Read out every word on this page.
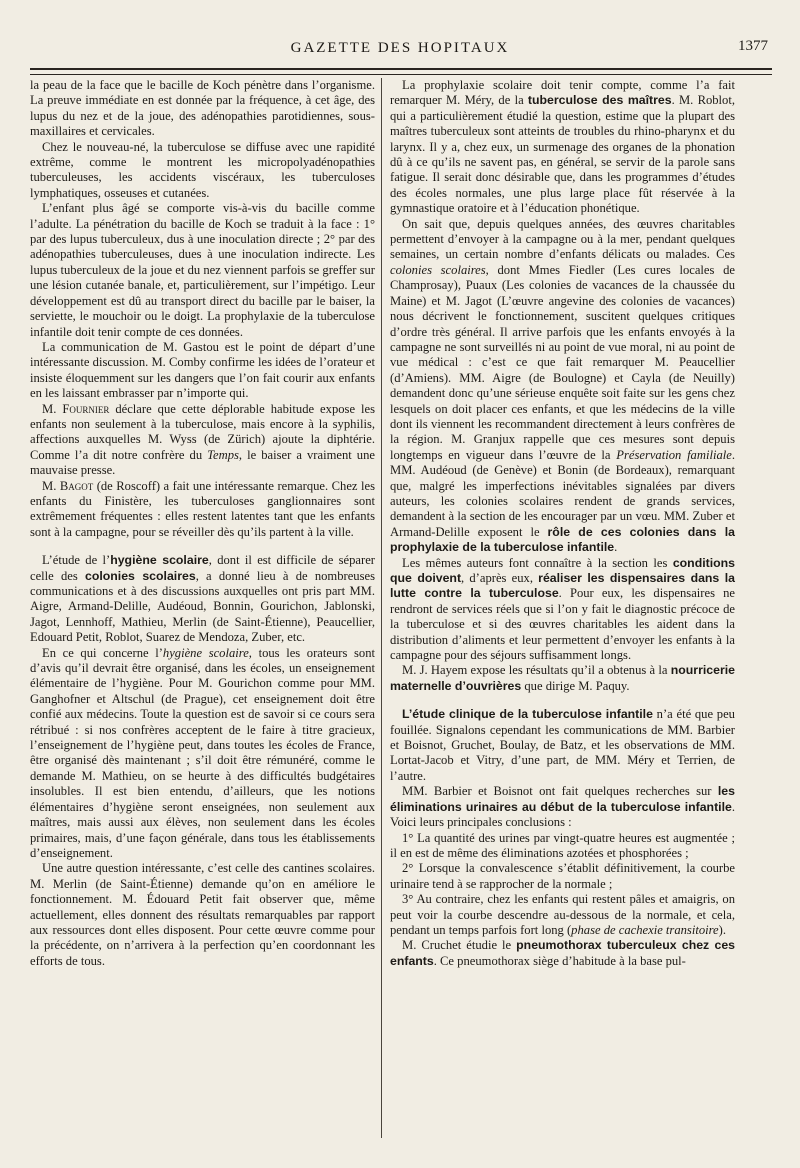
GAZETTE DES HOPITAUX	1377

la peau de la face que le bacille de Koch pénètre dans l’organisme. La preuve immédiate en est donnée par la fréquence, à cet âge, des lupus du nez et de la joue, des adénopathies parotidiennes, sous-maxillaires et cervicales.

Chez le nouveau-né, la tuberculose se diffuse avec une rapidité extrême, comme le montrent les micropolyadénopathies tuberculeuses, les accidents viscéraux, les tuberculoses lymphatiques, osseuses et cutanées.

L’enfant plus âgé se comporte vis-à-vis du bacille comme l’adulte. La pénétration du bacille de Koch se traduit à la face : 1° par des lupus tuberculeux, dus à une inoculation directe ; 2° par des adénopathies tuberculeuses, dues à une inoculation indirecte. Les lupus tuberculeux de la joue et du nez viennent parfois se greffer sur une lésion cutanée banale, et, particulièrement, sur l’impétigo. Leur développement est dû au transport direct du bacille par le baiser, la serviette, le mouchoir ou le doigt. La prophylaxie de la tuberculose infantile doit tenir compte de ces données.

La communication de M. Gastou est le point de départ d’une intéressante discussion. M. Comby confirme les idées de l’orateur et insiste éloquemment sur les dangers que l’on fait courir aux enfants en les laissant embrasser par n’importe qui.

M. Fournier déclare que cette déplorable habitude expose les enfants non seulement à la tuberculose, mais encore à la syphilis, affections auxquelles M. Wyss (de Zürich) ajoute la diphtérie. Comme l’a dit notre confrère du Temps, le baiser a vraiment une mauvaise presse.

M. Bagot (de Roscoff) a fait une intéressante remarque. Chez les enfants du Finistère, les tuberculoses ganglionnaires sont extrêmement fréquentes : elles restent latentes tant que les enfants sont à la campagne, pour se réveiller dès qu’ils partent à la ville.

L’étude de l’hygiène scolaire, dont il est difficile de séparer celle des colonies scolaires, a donné lieu à de nombreuses communications et à des discussions auxquelles ont pris part MM. Aigre, Armand-Delille, Audéoud, Bonnin, Gourichon, Jablonski, Jagot, Lennhoff, Mathieu, Merlin (de Saint-Étienne), Peaucellier, Edouard Petit, Roblot, Suarez de Mendoza, Zuber, etc.

En ce qui concerne l’hygiène scolaire, tous les orateurs sont d’avis qu’il devrait être organisé, dans les écoles, un enseignement élémentaire de l’hygiène. Pour M. Gourichon comme pour MM. Ganghofner et Altschul (de Prague), cet enseignement doit être confié aux médecins. Toute la question est de savoir si ce cours sera rétribué : si nos confrères acceptent de le faire à titre gracieux, l’enseignement de l’hygiène peut, dans toutes les écoles de France, être organisé dès maintenant ; s’il doit être rémunéré, comme le demande M. Mathieu, on se heurte à des difficultés budgétaires insolubles. Il est bien entendu, d’ailleurs, que les notions élémentaires d’hygiène seront enseignées, non seulement aux maîtres, mais aussi aux élèves, non seulement dans les écoles primaires, mais, d’une façon générale, dans tous les établissements d’enseignement.

Une autre question intéressante, c’est celle des cantines scolaires. M. Merlin (de Saint-Étienne) demande qu’on en améliore le fonctionnement. M. Édouard Petit fait observer que, même actuellement, elles donnent des résultats remarquables par rapport aux ressources dont elles disposent. Pour cette œuvre comme pour la précédente, on n’arrivera à la perfection qu’en coordonnant les efforts de tous.

La prophylaxie scolaire doit tenir compte, comme l’a fait remarquer M. Méry, de la tuberculose des maîtres. M. Roblot, qui a particulièrement étudié la question, estime que la plupart des maîtres tuberculeux sont atteints de troubles du rhino-pharynx et du larynx. Il y a, chez eux, un surmenage des organes de la phonation dû à ce qu’ils ne savent pas, en général, se servir de la parole sans fatigue. Il serait donc désirable que, dans les programmes d’études des écoles normales, une plus large place fût réservée à la gymnastique oratoire et à l’éducation phonétique.

On sait que, depuis quelques années, des œuvres charitables permettent d’envoyer à la campagne ou à la mer, pendant quelques semaines, un certain nombre d’enfants délicats ou malades. Ces colonies scolaires, dont Mmes Fiedler (Les cures locales de Champrosay), Puaux (Les colonies de vacances de la chaussée du Maine) et M. Jagot (L’œuvre angevine des colonies de vacances) nous décrivent le fonctionnement, suscitent quelques critiques d’ordre très général. Il arrive parfois que les enfants envoyés à la campagne ne sont surveillés ni au point de vue moral, ni au point de vue médical : c’est ce que fait remarquer M. Peaucellier (d’Amiens). MM. Aigre (de Boulogne) et Cayla (de Neuilly) demandent donc qu’une sérieuse enquête soit faite sur les gens chez lesquels on doit placer ces enfants, et que les médecins de la ville dont ils viennent les recommandent directement à leurs confrères de la région. M. Granjux rappelle que ces mesures sont depuis longtemps en vigueur dans l’œuvre de la Préservation familiale. MM. Audéoud (de Genève) et Bonin (de Bordeaux), remarquant que, malgré les imperfections inévitables signalées par divers auteurs, les colonies scolaires rendent de grands services, demandent à la section de les encourager par un vœu. MM. Zuber et Armand-Delille exposent le rôle de ces colonies dans la prophylaxie de la tuberculose infantile.

Les mêmes auteurs font connaître à la section les conditions que doivent, d’après eux, réaliser les dispensaires dans la lutte contre la tuberculose. Pour eux, les dispensaires ne rendront de services réels que si l’on y fait le diagnostic précoce de la tuberculose et si des œuvres charitables les aident dans la distribution d’aliments et leur permettent d’envoyer les enfants à la campagne pour des séjours suffisamment longs.

M. J. Hayem expose les résultats qu’il a obtenus à la nourricerie maternelle d’ouvrières que dirige M. Paquy.

L’étude clinique de la tuberculose infantile n’a été que peu fouillée. Signalons cependant les communications de MM. Barbier et Boisnot, Gruchet, Boulay, de Batz, et les observations de MM. Lortat-Jacob et Vitry, d’une part, de MM. Méry et Terrien, de l’autre.

MM. Barbier et Boisnot ont fait quelques recherches sur les éliminations urinaires au début de la tuberculose infantile. Voici leurs principales conclusions :

1° La quantité des urines par vingt-quatre heures est augmentée ; il en est de même des éliminations azotées et phosphorées ;

2° Lorsque la convalescence s’établit définitivement, la courbe urinaire tend à se rapprocher de la normale ;

3° Au contraire, chez les enfants qui restent pâles et amaigris, on peut voir la courbe descendre au-dessous de la normale, et cela, pendant un temps parfois fort long (phase de cachexie transitoire).

M. Cruchet étudie le pneumothorax tuberculeux chez ces enfants. Ce pneumothorax siège d’habitude à la base pul-
